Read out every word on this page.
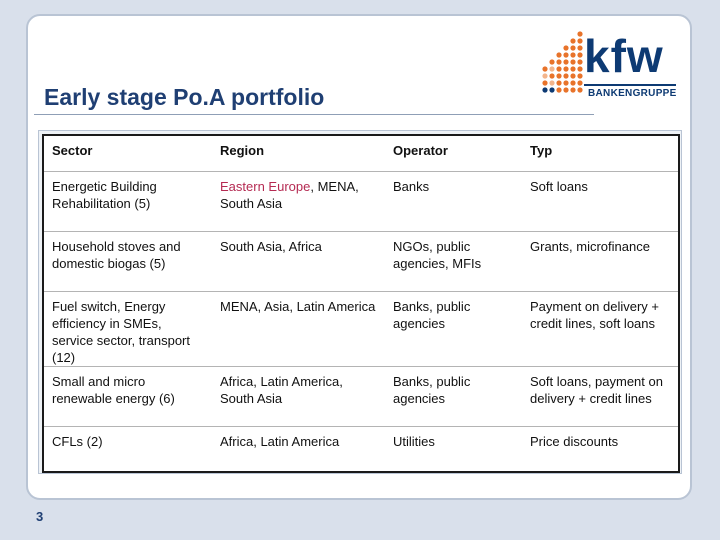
Early stage Po.A portfolio
kfw
BANKENGRUPPE
Sector	Region	Operator	Typ
Energetic Building Rehabilitation (5)	Eastern Europe, MENA, South Asia	Banks	Soft loans
Household stoves and domestic biogas (5)	South Asia, Africa	NGOs, public agencies, MFIs	Grants, microfinance
Fuel switch, Energy efficiency in SMEs, service sector, transport (12)	MENA, Asia, Latin America	Banks, public agencies	Payment on delivery + credit lines, soft loans
Small and micro renewable energy (6)	Africa, Latin America, South Asia	Banks, public agencies	Soft loans, payment on delivery + credit lines
CFLs (2)	Africa, Latin America	Utilities	Price discounts
3
